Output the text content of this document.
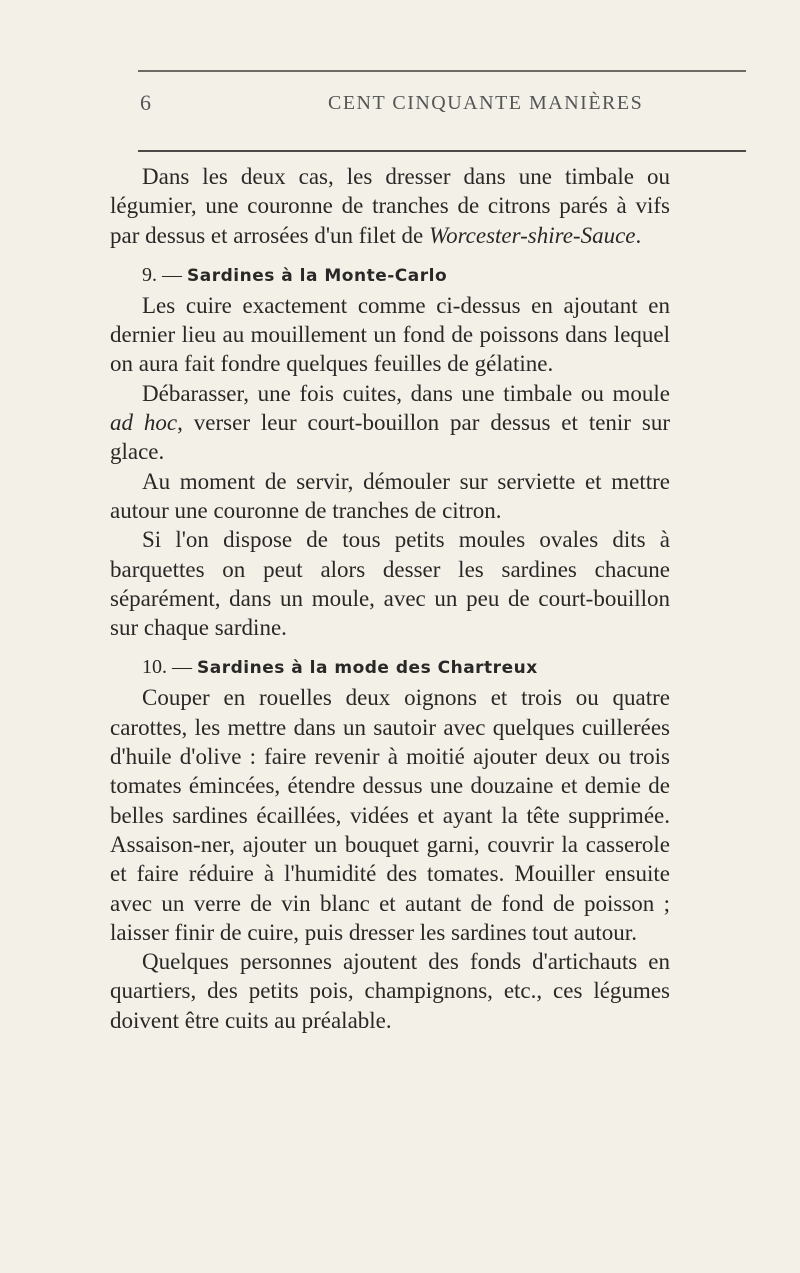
6	CENT CINQUANTE MANIÈRES

Dans les deux cas, les dresser dans une timbale ou légumier, une couronne de tranches de citrons parés à vifs par dessus et arrosées d'un filet de Worcester-shire-Sauce.

9. — Sardines à la Monte-Carlo

Les cuire exactement comme ci-dessus en ajoutant en dernier lieu au mouillement un fond de poissons dans lequel on aura fait fondre quelques feuilles de gélatine.

Débarasser, une fois cuites, dans une timbale ou moule ad hoc, verser leur court-bouillon par dessus et tenir sur glace.

Au moment de servir, démouler sur serviette et mettre autour une couronne de tranches de citron.

Si l'on dispose de tous petits moules ovales dits à barquettes on peut alors desser les sardines chacune séparément, dans un moule, avec un peu de court-bouillon sur chaque sardine.

10. — Sardines à la mode des Chartreux

Couper en rouelles deux oignons et trois ou quatre carottes, les mettre dans un sautoir avec quelques cuillerées d'huile d'olive : faire revenir à moitié ajouter deux ou trois tomates émincées, étendre dessus une douzaine et demie de belles sardines écaillées, vidées et ayant la tête supprimée. Assaison-ner, ajouter un bouquet garni, couvrir la casserole et faire réduire à l'humidité des tomates. Mouiller ensuite avec un verre de vin blanc et autant de fond de poisson ; laisser finir de cuire, puis dresser les sardines tout autour.

Quelques personnes ajoutent des fonds d'artichauts en quartiers, des petits pois, champignons, etc., ces légumes doivent être cuits au préalable.
